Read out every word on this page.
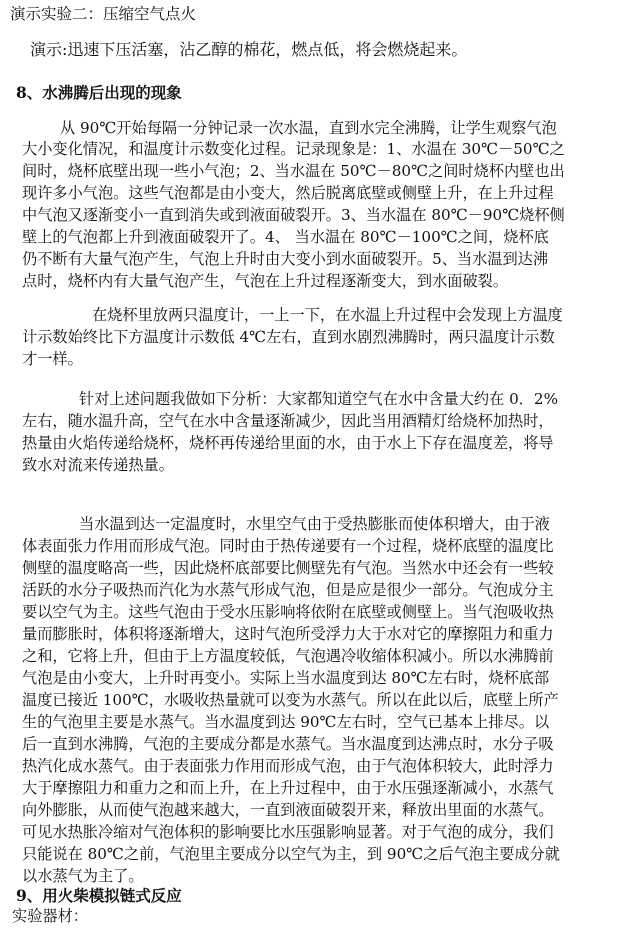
演示实验二：压缩空气点火
演示:迅速下压活塞，沾乙醇的棉花，燃点低，将会燃烧起来。
8、水沸腾后出现的现象
从 90℃开始每隔一分钟记录一次水温，直到水完全沸腾，让学生观察气泡
大小变化情况，和温度计示数变化过程。记录现象是：1、水温在 30℃－50℃之
间时，烧杯底壁出现一些小气泡；2、当水温在 50℃－80℃之间时烧杯内壁也出
现许多小气泡。这些气泡都是由小变大，然后脱离底壁或侧壁上升，在上升过程
中气泡又逐渐变小一直到消失或到液面破裂开。3、当水温在 80℃－90℃烧杯侧
壁上的气泡都上升到液面破裂开了。4、 当水温在 80℃－100℃之间，烧杯底
仍不断有大量气泡产生，气泡上升时由大变小到水面破裂开。5、当水温到达沸
点时，烧杯内有大量气泡产生，气泡在上升过程逐渐变大，到水面破裂。
在烧杯里放两只温度计，一上一下，在水温上升过程中会发现上方温度
计示数始终比下方温度计示数低 4℃左右，直到水剧烈沸腾时，两只温度计示数
才一样。
针对上述问题我做如下分析：大家都知道空气在水中含量大约在 0．2%
左右，随水温升高，空气在水中含量逐渐减少，因此当用酒精灯给烧杯加热时，
热量由火焰传递给烧杯，烧杯再传递给里面的水，由于水上下存在温度差，将导
致水对流来传递热量。
当水温到达一定温度时，水里空气由于受热膨胀而使体积增大，由于液
体表面张力作用而形成气泡。同时由于热传递要有一个过程，烧杯底壁的温度比
侧壁的温度略高一些，因此烧杯底部要比侧壁先有气泡。当然水中还会有一些较
活跃的水分子吸热而汽化为水蒸气形成气泡，但是应是很少一部分。气泡成分主
要以空气为主。这些气泡由于受水压影响将依附在底壁或侧壁上。当气泡吸收热
量而膨胀时，体积将逐渐增大，这时气泡所受浮力大于水对它的摩擦阻力和重力
之和，它将上升，但由于上方温度较低，气泡遇冷收缩体积减小。所以水沸腾前
气泡是由小变大，上升时再变小。实际上当水温度到达 80℃左右时，烧杯底部
温度已接近 100℃，水吸收热量就可以变为水蒸气。所以在此以后，底壁上所产
生的气泡里主要是水蒸气。当水温度到达 90℃左右时，空气已基本上排尽。以
后一直到水沸腾，气泡的主要成分都是水蒸气。当水温度到达沸点时，水分子吸
热汽化成水蒸气。由于表面张力作用而形成气泡，由于气泡体积较大，此时浮力
大于摩擦阻力和重力之和而上升，在上升过程中，由于水压强逐渐减小，水蒸气
向外膨胀，从而使气泡越来越大，一直到液面破裂开来，释放出里面的水蒸气。
可见水热胀冷缩对气泡体积的影响要比水压强影响显著。对于气泡的成分，我们
只能说在 80℃之前，气泡里主要成分以空气为主，到 90℃之后气泡主要成分就
以水蒸气为主了。
9、用火柴模拟链式反应
实验器材：
